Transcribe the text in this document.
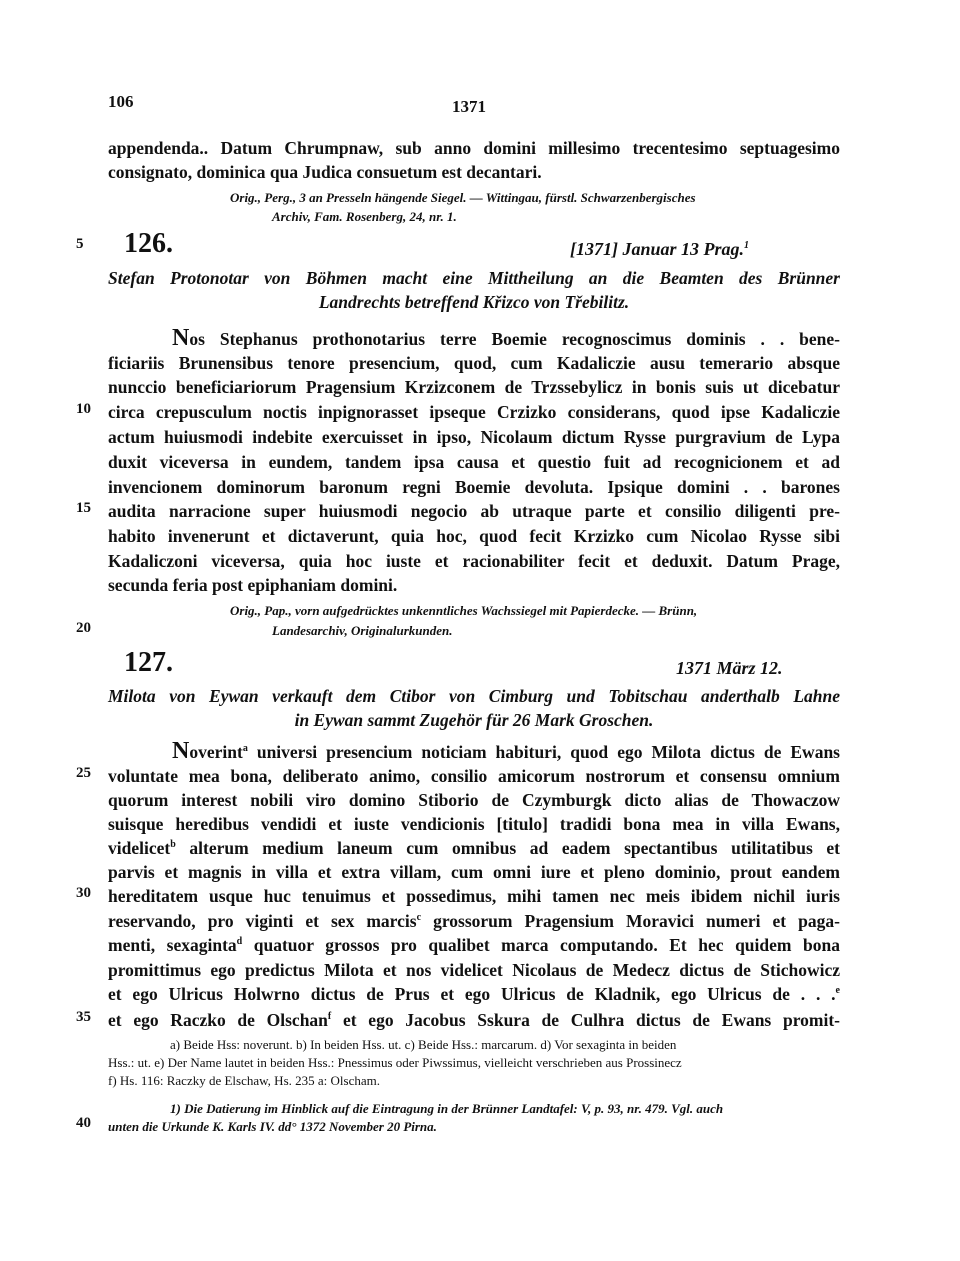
106	1371
appendenda.. Datum Chrumpnaw, sub anno domini millesimo trecentesimo septuagesimo
consignato, dominica qua Judica consuetum est decantari.
Orig., Perg., 3 an Presseln hängende Siegel. — Wittingau, fürstl. Schwarzenbergisches
Archiv, Fam. Rosenberg, 24, nr. 1.
5
10
15
20
25
30
35
40
126.	[1371] Januar 13 Prag.$^1$
Stefan Protonotar von Böhmen macht eine Mittheilung an die Beamten des Brünner
Landrechts betreffend Křizco von Třebilitz.
Nos Stephanus prothonotarius terre Boemie recognoscimus dominis . . bene-
ficiariis Brunensibus tenore presencium, quod, cum Kadaliczie ausu temerario absque
nunccio beneficiariorum Pragensium Krzizconem de Trzssebylicz in bonis suis ut dicebatur
circa crepusculum noctis inpignorasset ipseque Crzizko considerans, quod ipse Kadaliczie
actum huiusmodi indebite exercuisset in ipso, Nicolaum dictum Rysse purgravium de Lypa
duxit viceversa in eundem, tandem ipsa causa et questio fuit ad recognicionem et ad
invencionem dominorum baronum regni Boemie devoluta. Ipsique domini . . barones
audita narracione super huiusmodi negocio ab utraque parte et consilio diligenti pre-
habito invenerunt et dictaverunt, quia hoc, quod fecit Krzizko cum Nicolao Rysse sibi
Kadaliczoni viceversa, quia hoc iuste et racionabiliter fecit et deduxit. Datum Prage,
secunda feria post epiphaniam domini.
Orig., Pap., vorn aufgedrücktes unkenntliches Wachssiegel mit Papierdecke. — Brünn,
Landesarchiv, Originalurkunden.
127.	1371 März 12.
Milota von Eywan verkauft dem Ctibor von Cimburg und Tobitschau anderthalb Lahne
in Eywan sammt Zugehör für 26 Mark Groschen.
Noverint$^a$ universi presencium noticiam habituri, quod ego Milota dictus de Ewans
voluntate mea bona, deliberato animo, consilio amicorum nostrorum et consensu omnium
quorum interest nobili viro domino Stiborio de Czymburgk dicto alias de Thowaczow
suisque heredibus vendidi et iuste vendicionis [titulo] tradidi bona mea in villa Ewans,
videlicet$^b$ alterum medium laneum cum omnibus ad eadem spectantibus utilitatibus et
parvis et magnis in villa et extra villam, cum omni iure et pleno dominio, prout eandem
hereditatem usque huc tenuimus et possedimus, mihi tamen nec meis ibidem nichil iuris
reservando, pro viginti et sex marcis$^c$ grossorum Pragensium Moravici numeri et paga-
menti, sexaginta$^d$ quatuor grossos pro qualibet marca computando. Et hec quidem bona
promittimus ego predictus Milota et nos videlicet Nicolaus de Medecz dictus de Stichowicz
et ego Ulricus Holwrno dictus de Prus et ego Ulricus de Kladnik, ego Ulricus de . . .$^e$
et ego Raczko de Olschan$^f$ et ego Jacobus Sskura de Culhra dictus de Ewans promit-
a) Beide Hss: noverunt. b) In beiden Hss. ut. c) Beide Hss.: marcarum. d) Vor sexaginta in beiden
Hss.: ut. e) Der Name lautet in beiden Hss.: Pnessimus oder Piwssimus, vielleicht verschrieben aus Prossinecz
f) Hs. 116: Raczky de Elschaw, Hs. 235 a: Olscham.
1) Die Datierung im Hinblick auf die Eintragung in der Brünner Landtafel: V, p. 93, nr. 479. Vgl. auch
unten die Urkunde K. Karls IV. dd° 1372 November 20 Pirna.
